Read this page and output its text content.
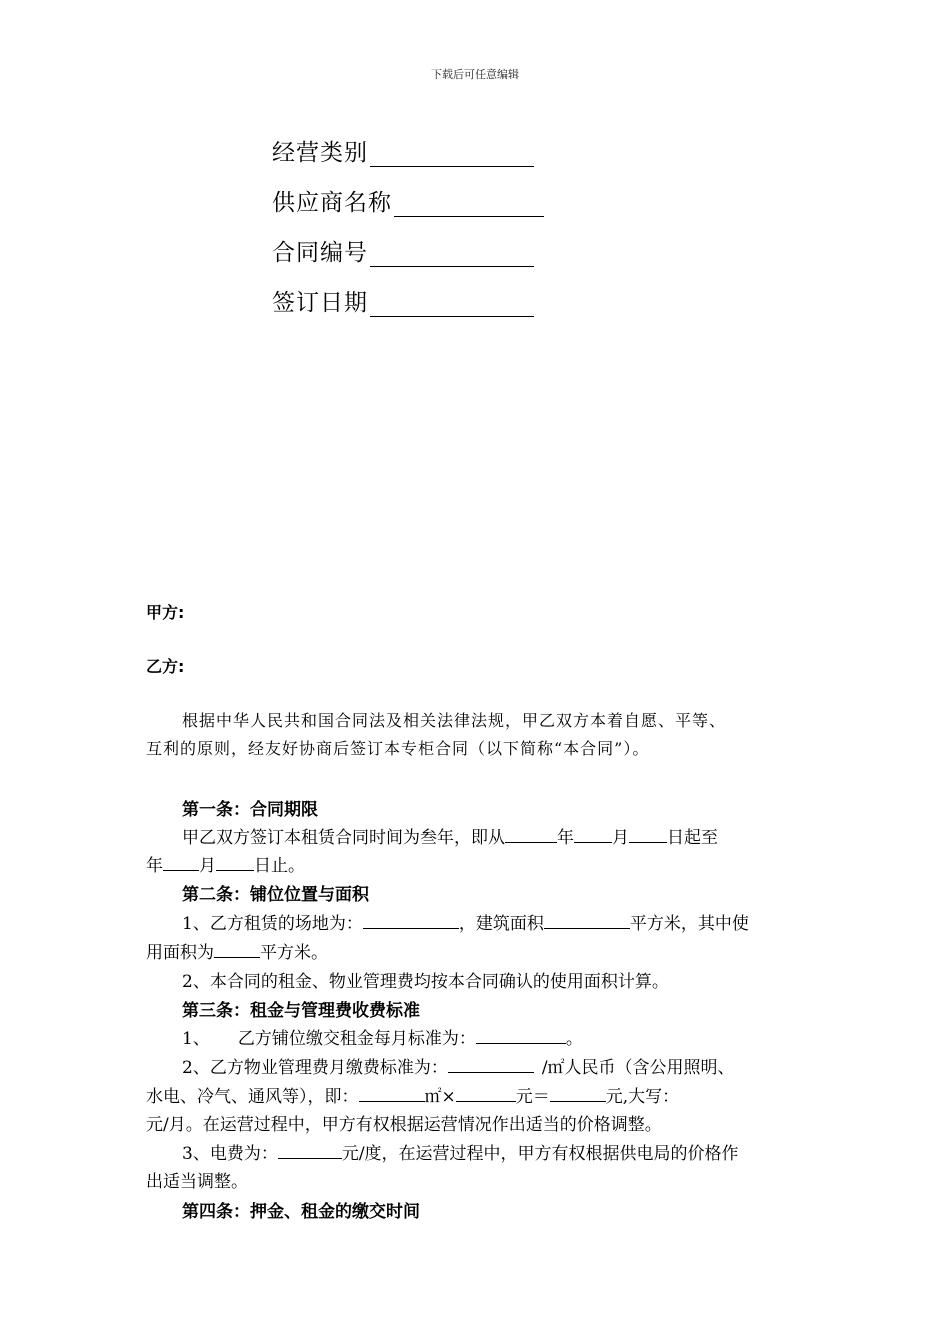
下载后可任意编辑
经营类别
供应商名称
合同编号
签订日期
甲方:
乙方:
根据中华人民共和国合同法及相关法律法规，甲乙双方本着自愿、平等、
互利的原则，经友好协商后签订本专柜合同（以下简称“本合同”）。
第一条：合同期限
甲乙双方签订本租赁合同时间为叁年，即从	年 月 日起至
年 月 日止。
第二条：铺位位置与面积
1、乙方租赁的场地为：	，建筑面积	平方米，其中使
用面积为	平方米。
2、本合同的租金、物业管理费均按本合同确认的使用面积计算。
第三条：租金与管理费收费标准
1、 乙方铺位缴交租金每月标准为：	。
2、乙方物业管理费月缴费标准为：	/㎡人民币（含公用照明、
水电、冷气、通风等），即：	㎡×	元＝	元,大写：
元/月。在运营过程中，甲方有权根据运营情况作出适当的价格调整。
3、电费为：	元/度，在运营过程中，甲方有权根据供电局的价格作
出适当调整。
第四条：押金、租金的缴交时间
